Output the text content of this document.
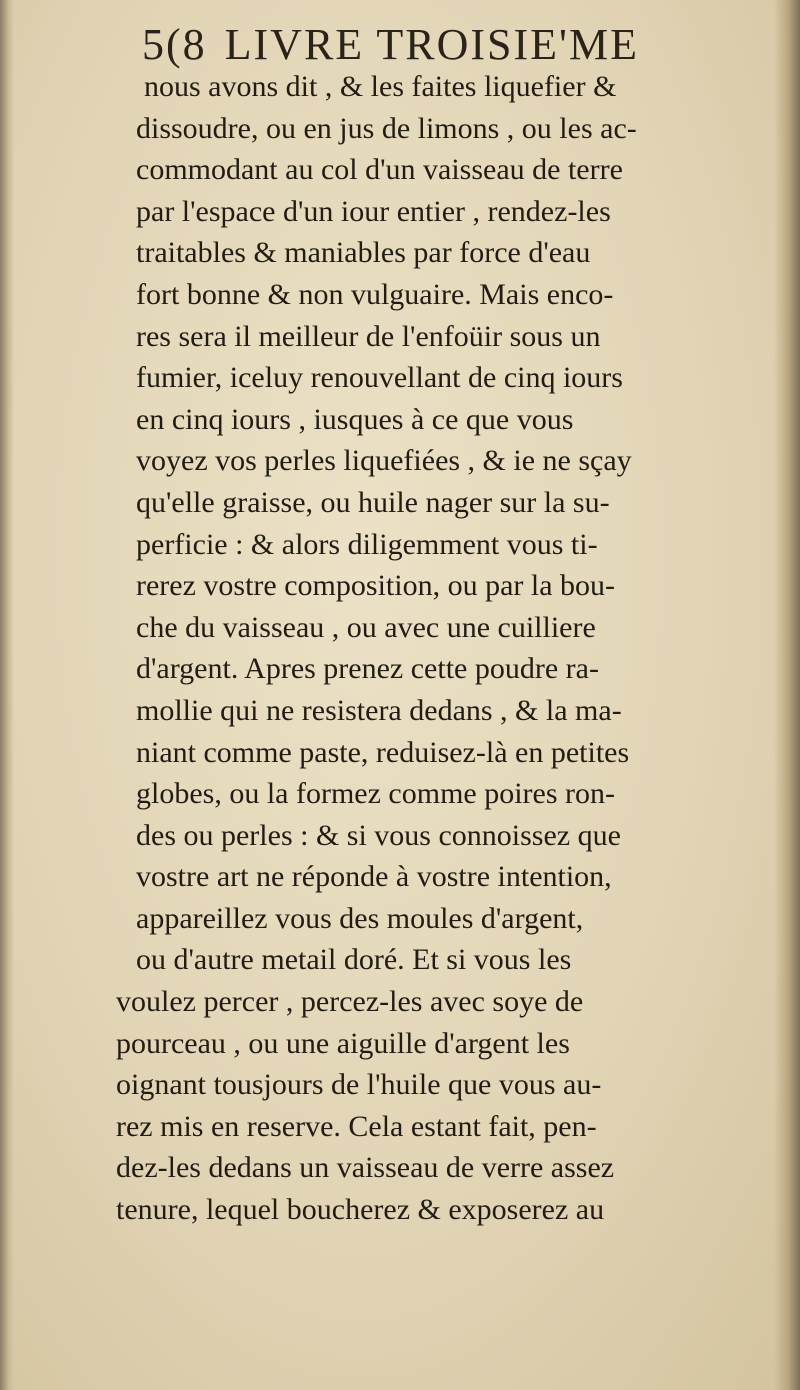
5(8 LIVRE TROISIE'ME
nous avons dit , & les faites liquefier &
dissoudre, ou en jus de limons , ou les ac-
commodant au col d'un vaisseau de terre
par l'espace d'un iour entier , rendez-les
traitables & maniables par force d'eau
fort bonne & non vulguaire. Mais enco-
res sera il meilleur de l'enfoüir sous un
fumier, iceluy renouvellant de cinq iours
en cinq iours , iusques à ce que vous
voyez vos perles liquefiées , & ie ne sçay
qu'elle graisse, ou huile nager sur la su-
perficie : & alors diligemment vous ti-
rerez vostre composition, ou par la bou-
che du vaisseau , ou avec une cuilliere
d'argent. Apres prenez cette poudre ra-
mollie qui ne resistera dedans , & la ma-
niant comme paste, reduisez-là en petites
globes, ou la formez comme poires ron-
des ou perles : & si vous connoissez que
vostre art ne réponde à vostre intention,
appareillez vous des moules d'argent,
ou d'autre metail doré. Et si vous les
voulez percer , percez-les avec soye de
pourceau , ou une aiguille d'argent les
oignant tousjours de l'huile que vous au-
rez mis en reserve. Cela estant fait, pen-
dez-les dedans un vaisseau de verre assez
tenure, lequel boucherez & exposerez au
